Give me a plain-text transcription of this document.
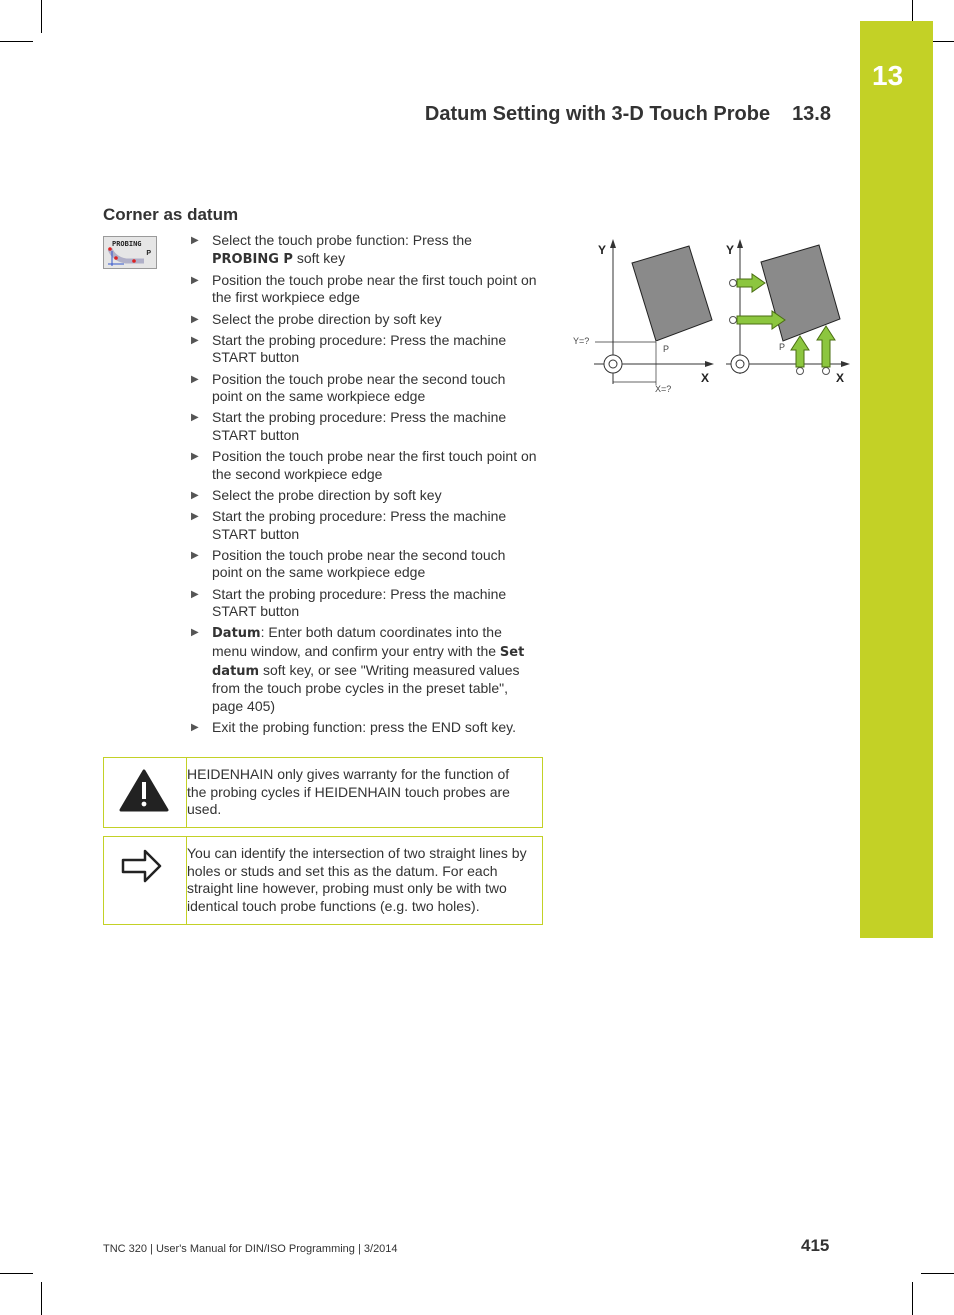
13
Datum Setting with 3-D Touch Probe 13.8
Corner as datum
PROBING
P
▶ Select the touch probe function: Press the PROBING P soft key
▶ Position the touch probe near the first touch point on the first workpiece edge
▶ Select the probe direction by soft key
▶ Start the probing procedure: Press the machine START button
▶ Position the touch probe near the second touch point on the same workpiece edge
▶ Start the probing procedure: Press the machine START button
▶ Position the touch probe near the first touch point on the second workpiece edge
▶ Select the probe direction by soft key
▶ Start the probing procedure: Press the machine START button
▶ Position the touch probe near the second touch point on the same workpiece edge
▶ Start the probing procedure: Press the machine START button
▶ Datum: Enter both datum coordinates into the menu window, and confirm your entry with the Set datum soft key, or see "Writing measured values from the touch probe cycles in the preset table", page 405)
▶ Exit the probing function: press the END soft key.
HEIDENHAIN only gives warranty for the function of the probing cycles if HEIDENHAIN touch probes are used.
You can identify the intersection of two straight lines by holes or studs and set this as the datum. For each straight line however, probing must only be with two identical touch probe functions (e.g. two holes).
Y
X
Y=?
X=?
P
Y
X
P
TNC 320 | User's Manual for DIN/ISO Programming | 3/2014	415
